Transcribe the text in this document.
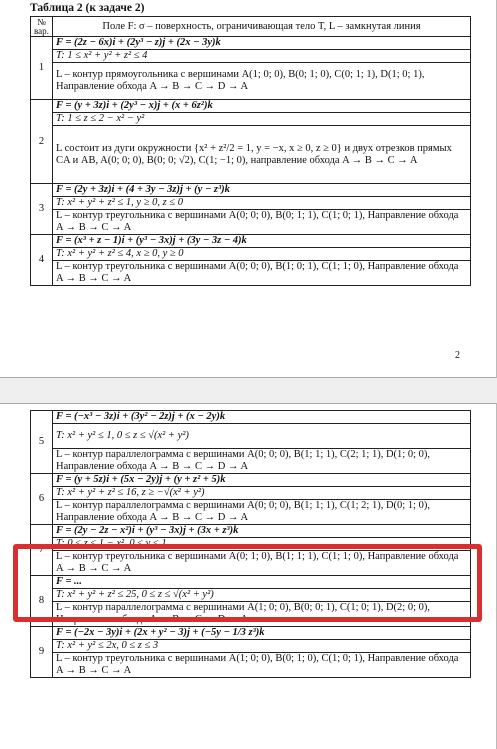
Таблица 2 (к задаче 2)
№ вар.	Поле F: σ – поверхность, ограничивающая тело T, L – замкнутая линия
1	F = (2z − 6x)i + (2y³ − z)j + (2x − 3y)k
	T: 1 ≤ x² + y² + z² ≤ 4
	L – контур прямоугольника с вершинами A(1; 0; 0), B(0; 1; 0), C(0; 1; 1), D(1; 0; 1), Направление обхода A → B → C → D → A
2	F = (y + 3z)i + (2y³ − x)j + (x + 6z²)k
	T: 1 ≤ z ≤ 2 − x² − y²
	L состоит из дуги окружности {x² + z²/2 = 1, y = −x, x ≥ 0, z ≥ 0} и двух отрезков прямых CA и AB, A(0; 0; 0), B(0; 0; √2), C(1; −1; 0), направление обхода A → B → C → A
3	F = (2y + 3z)i + (4 + 3y − 3z)j + (y − z³)k
	T: x² + y² + z² ≤ 1, y ≥ 0, z ≤ 0
	L – контур треугольника с вершинами A(0; 0; 0), B(0; 1; 1), C(1; 0; 1), Направление обхода A → B → C → A
4	F = (x³ + z − 1)i + (y³ − 3x)j + (3y − 3z − 4)k
	T: x² + y² + z² ≤ 4, x ≥ 0, y ≥ 0
	L – контур треугольника с вершинами A(0; 0; 0), B(1; 0; 1), C(1; 1; 0), Направление обхода A → B → C → A
2
5	F = (−x³ − 3z)i + (3y² − 2z)j + (x − 2y)k
	T: x² + y² ≤ 1, 0 ≤ z ≤ √(x² + y²)
	L – контур параллелограмма с вершинами A(0; 0; 0), B(1; 1; 1), C(2; 1; 1), D(1; 0; 0), Направление обхода A → B → C → D → A
6	F = (y + 5z)i + (5x − 2y)j + (y + z² + 5)k
	T: x² + y² + z² ≤ 16, z ≥ −√(x² + y²)
	L – контур параллелограмма с вершинами A(0; 0; 0), B(1; 1; 1), C(1; 2; 1), D(0; 1; 0), Направление обхода A → B → C → D → A
7	F = (2y − 2z − x²)i + (y³ − 3x)j + (3x + z³)k
	T: 0 ≤ z ≤ 1 − x², 0 ≤ y ≤ 1
	L – контур треугольника с вершинами A(0; 1; 0), B(1; 1; 1), C(1; 1; 0), Направление обхода A → B → C → A
8	F = ...
	T: x² + y² + z² ≤ 25, 0 ≤ z ≤ √(x² + y²)
	L – контур параллелограмма с вершинами A(1; 0; 0), B(0; 0; 1), C(1; 0; 1), D(2; 0; 0), Направление обхода A → B → C → D → A
9	F = (−2x − 3y)i + (2x + y² − 3)j + (−5y − 1/3 z³)k
	T: x² + y² ≤ 2x, 0 ≤ z ≤ 3
	L – контур треугольника с вершинами A(1; 0; 0), B(0; 1; 0), C(1; 0; 1), Направление обхода A → B → C → A
